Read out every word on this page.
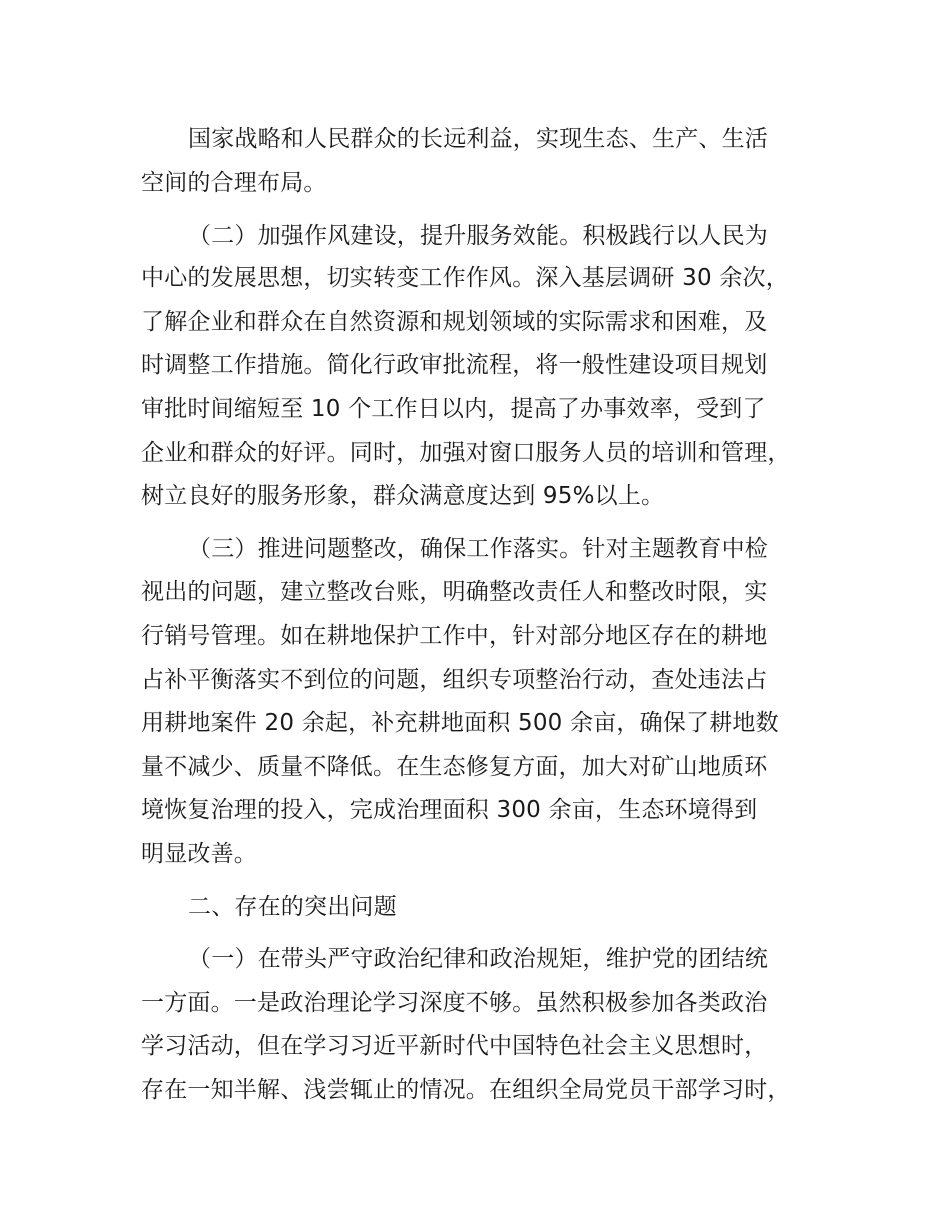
国家战略和人民群众的长远利益，实现生态、生产、生活

空间的合理布局。

（二）加强作风建设，提升服务效能。积极践行以人民为

中心的发展思想，切实转变工作作风。深入基层调研 30 余次，

了解企业和群众在自然资源和规划领域的实际需求和困难，及

时调整工作措施。简化行政审批流程，将一般性建设项目规划

审批时间缩短至 10 个工作日以内，提高了办事效率，受到了

企业和群众的好评。同时，加强对窗口服务人员的培训和管理，

树立良好的服务形象，群众满意度达到 95%以上。

（三）推进问题整改，确保工作落实。针对主题教育中检

视出的问题，建立整改台账，明确整改责任人和整改时限，实

行销号管理。如在耕地保护工作中，针对部分地区存在的耕地

占补平衡落实不到位的问题，组织专项整治行动，查处违法占

用耕地案件 20 余起，补充耕地面积 500 余亩，确保了耕地数

量不减少、质量不降低。在生态修复方面，加大对矿山地质环

境恢复治理的投入，完成治理面积 300 余亩，生态环境得到

明显改善。

二、存在的突出问题

（一）在带头严守政治纪律和政治规矩，维护党的团结统

一方面。一是政治理论学习深度不够。虽然积极参加各类政治

学习活动，但在学习习近平新时代中国特色社会主义思想时，

存在一知半解、浅尝辄止的情况。在组织全局党员干部学习时，
